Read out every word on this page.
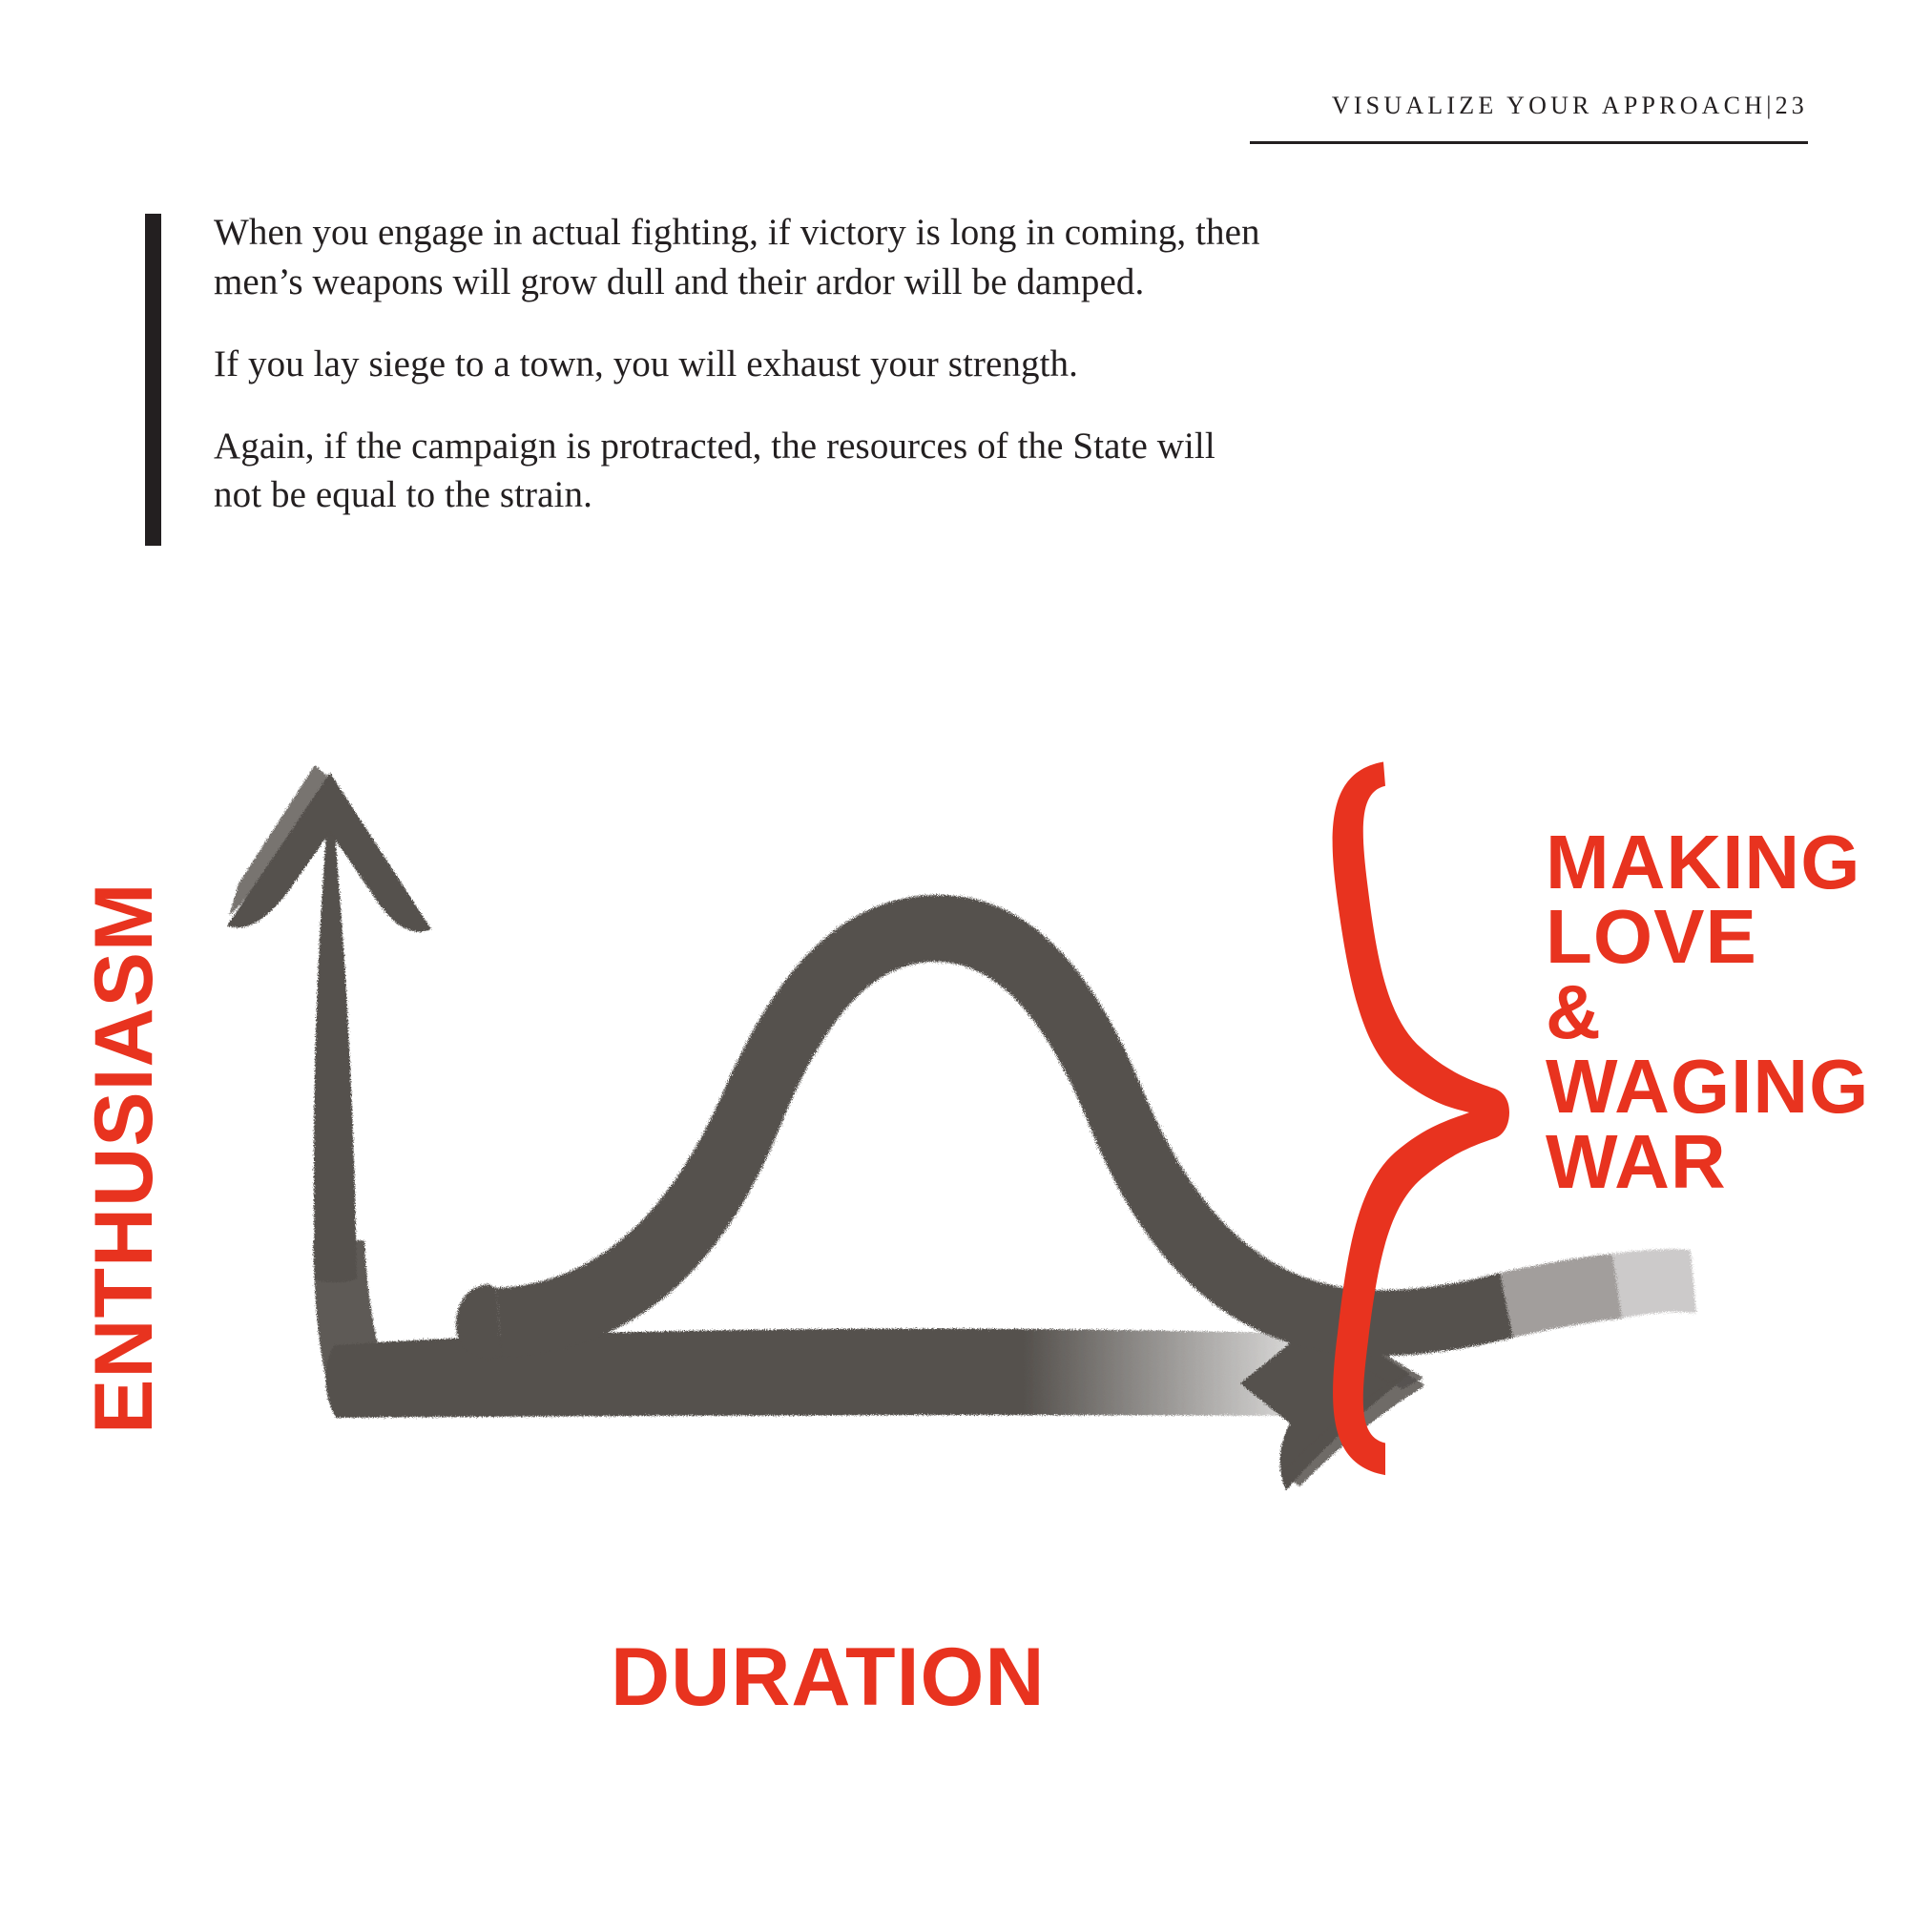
VISUALIZE YOUR APPROACH|23

When you engage in actual fighting, if victory is long in coming, then men’s weapons will grow dull and their ardor will be damped.

If you lay siege to a town, you will exhaust your strength.

Again, if the campaign is protracted, the resources of the State will not be equal to the strain.

ENTHUSIASM
DURATION
MAKING
LOVE
&
WAGING
WAR
